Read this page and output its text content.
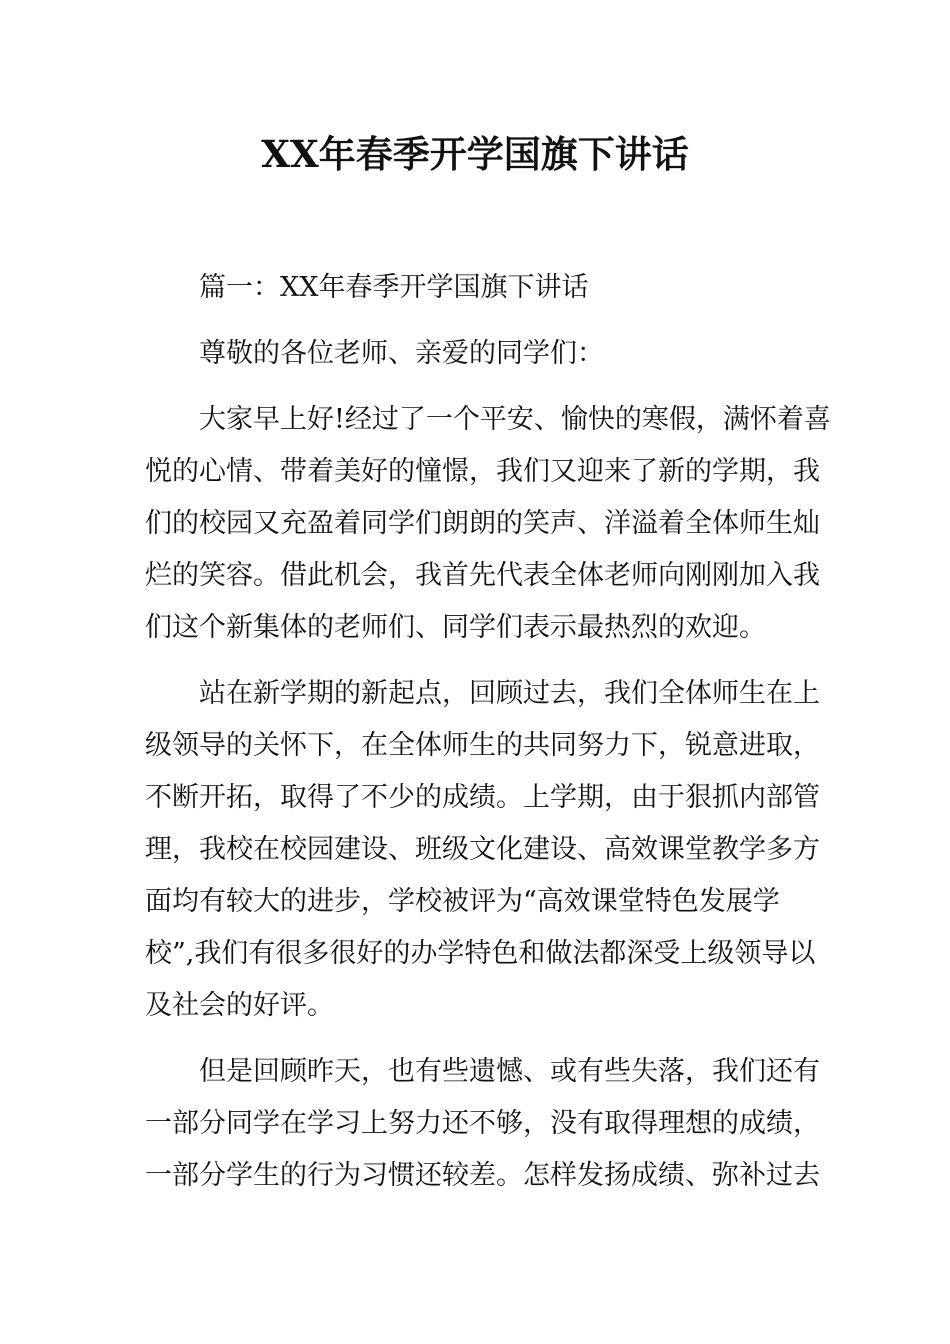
XX年春季开学国旗下讲话

篇一：XX年春季开学国旗下讲话

尊敬的各位老师、亲爱的同学们：

大家早上好!经过了一个平安、愉快的寒假，满怀着喜
悦的心情、带着美好的憧憬，我们又迎来了新的学期，我
们的校园又充盈着同学们朗朗的笑声、洋溢着全体师生灿
烂的笑容。借此机会，我首先代表全体老师向刚刚加入我
们这个新集体的老师们、同学们表示最热烈的欢迎。

站在新学期的新起点，回顾过去，我们全体师生在上
级领导的关怀下，在全体师生的共同努力下，锐意进取，
不断开拓，取得了不少的成绩。上学期，由于狠抓内部管
理，我校在校园建设、班级文化建设、高效课堂教学多方
面均有较大的进步，学校被评为“高效课堂特色发展学
校”,我们有很多很好的办学特色和做法都深受上级领导以
及社会的好评。

但是回顾昨天，也有些遗憾、或有些失落，我们还有
一部分同学在学习上努力还不够，没有取得理想的成绩，
一部分学生的行为习惯还较差。怎样发扬成绩、弥补过去
